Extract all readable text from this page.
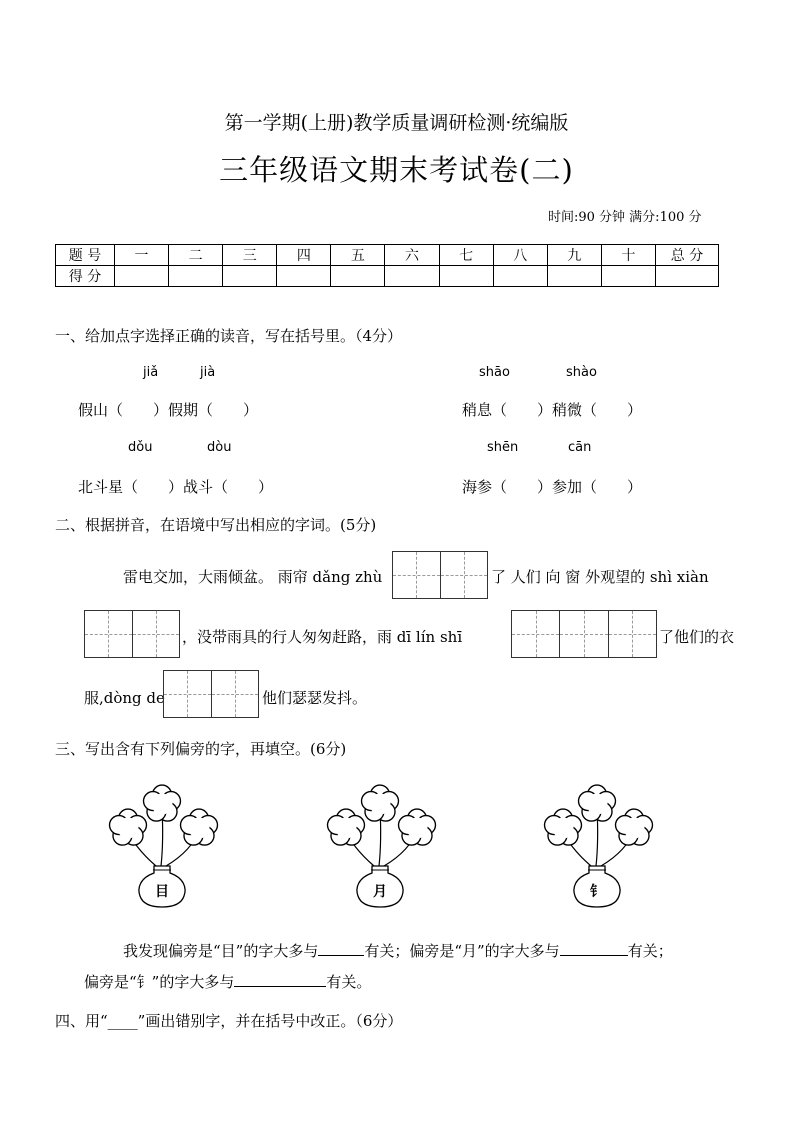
第一学期(上册)教学质量调研检测·统编版
三年级语文期末考试卷(二)
时间:90 分钟 满分:100 分
题 号	一	二	三	四	五	六	七	八	九	十	总 分
得 分											
一、给加点字选择正确的读音，写在括号里。（4分）
jiǎ	jià	shāo	shào
假山（　　）假期（　　）	稍息（　　）稍微（　　）
dǒu	dòu	shēn	cān
北斗星（　　）战斗（　　）	海参（　　）参加（　　）
二、根据拼音，在语境中写出相应的字词。(5分)
雷电交加，大雨倾盆。 雨帘 dǎng zhù	了 人们 向 窗 外观望的 shì xiàn
，没带雨具的行人匆匆赶路，雨 dī lín shī	了他们的衣
服,dòng de	他们瑟瑟发抖。
三、写出含有下列偏旁的字，再填空。(6分)
目	月	钅
我发现偏旁是“目”的字大多与	有关；偏旁是“月”的字大多与	有关；
偏旁是“钅”的字大多与	有关。
四、用“____”画出错别字，并在括号中改正。（6分）
